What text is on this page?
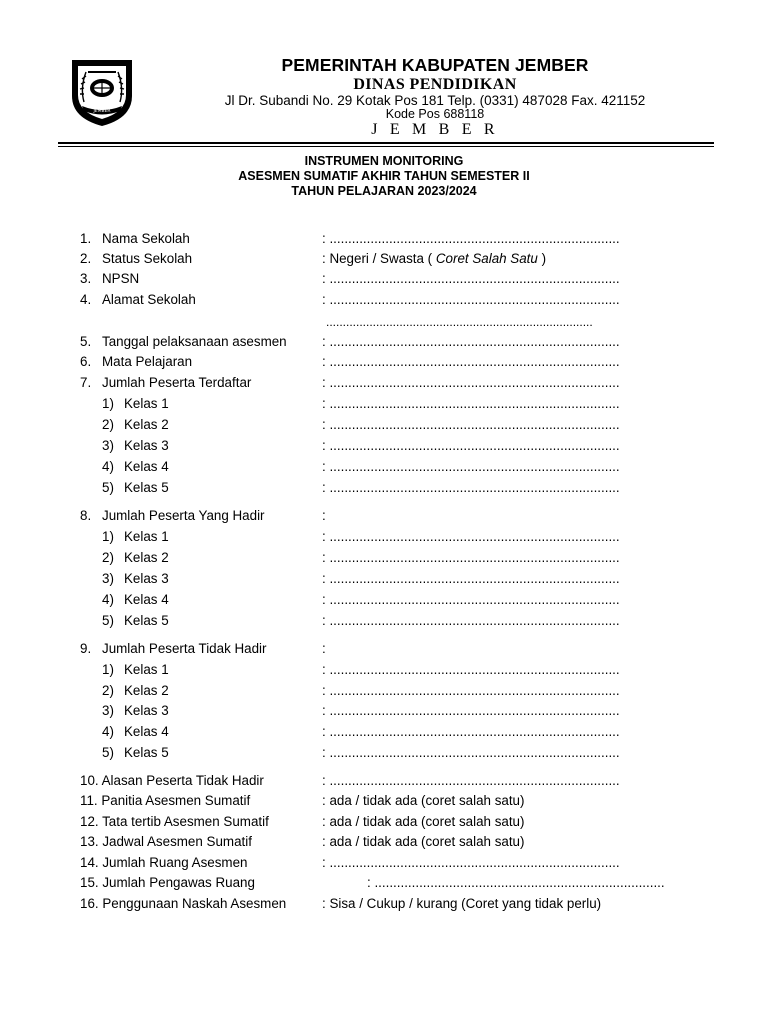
JEMBER
PEMERINTAH KABUPATEN JEMBER
DINAS PENDIDIKAN
Jl Dr. Subandi No. 29 Kotak Pos 181 Telp. (0331) 487028 Fax. 421152
Kode Pos 688118
J E M B E R
INSTRUMEN MONITORING
ASESMEN SUMATIF AKHIR TAHUN SEMESTER II
TAHUN PELAJARAN 2023/2024
1. Nama Sekolah	: ..............................................................................
2. Status Sekolah	: Negeri / Swasta ( Coret Salah Satu )
3. NPSN	: ..............................................................................
4. Alamat Sekolah	: ..............................................................................
................................................................................
5. Tanggal pelaksanaan asesmen	: ..............................................................................
6. Mata Pelajaran	: ..............................................................................
7. Jumlah Peserta Terdaftar	: ..............................................................................
1) Kelas 1	: ..............................................................................
2) Kelas 2	: ..............................................................................
3) Kelas 3	: ..............................................................................
4) Kelas 4	: ..............................................................................
5) Kelas 5	: ..............................................................................
8. Jumlah Peserta Yang Hadir	:
1) Kelas 1	: ..............................................................................
2) Kelas 2	: ..............................................................................
3) Kelas 3	: ..............................................................................
4) Kelas 4	: ..............................................................................
5) Kelas 5	: ..............................................................................
9. Jumlah Peserta Tidak Hadir	:
1) Kelas 1	: ..............................................................................
2) Kelas 2	: ..............................................................................
3) Kelas 3	: ..............................................................................
4) Kelas 4	: ..............................................................................
5) Kelas 5	: ..............................................................................
10. Alasan Peserta Tidak Hadir	: ..............................................................................
11. Panitia Asesmen Sumatif	: ada / tidak ada (coret salah satu)
12. Tata tertib Asesmen Sumatif	: ada / tidak ada (coret salah satu)
13. Jadwal Asesmen Sumatif	: ada / tidak ada (coret salah satu)
14. Jumlah Ruang Asesmen	: ..............................................................................
15. Jumlah Pengawas Ruang	: ..............................................................................
16. Penggunaan Naskah Asesmen	: Sisa / Cukup / kurang (Coret yang tidak perlu)
